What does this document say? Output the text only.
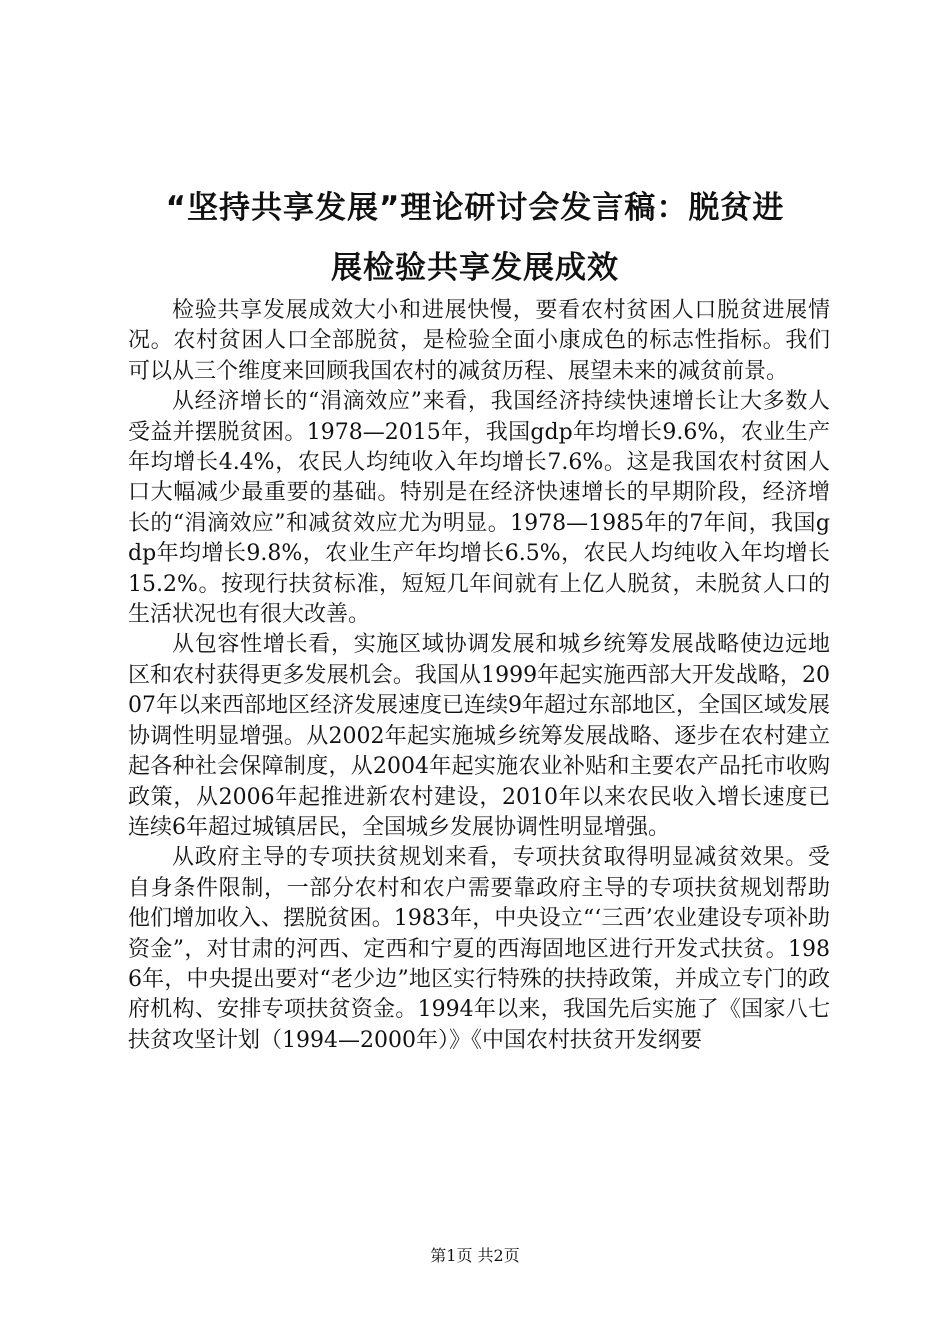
“坚持共享发展”理论研讨会发言稿：脱贫进
展检验共享发展成效

检验共享发展成效大小和进展快慢，要看农村贫困人口脱贫进展情况。农村贫困人口全部脱贫，是检验全面小康成色的标志性指标。我们可以从三个维度来回顾我国农村的减贫历程、展望未来的减贫前景。

从经济增长的“涓滴效应”来看，我国经济持续快速增长让大多数人受益并摆脱贫困。1978—2015年，我国gdp年均增长9.6%，农业生产年均增长4.4%，农民人均纯收入年均增长7.6%。这是我国农村贫困人口大幅减少最重要的基础。特别是在经济快速增长的早期阶段，经济增长的“涓滴效应”和减贫效应尤为明显。1978—1985年的7年间，我国gdp年均增长9.8%，农业生产年均增长6.5%，农民人均纯收入年均增长15.2%。按现行扶贫标准，短短几年间就有上亿人脱贫，未脱贫人口的生活状况也有很大改善。

从包容性增长看，实施区域协调发展和城乡统筹发展战略使边远地区和农村获得更多发展机会。我国从1999年起实施西部大开发战略，2007年以来西部地区经济发展速度已连续9年超过东部地区，全国区域发展协调性明显增强。从2002年起实施城乡统筹发展战略、逐步在农村建立起各种社会保障制度，从2004年起实施农业补贴和主要农产品托市收购政策，从2006年起推进新农村建设，2010年以来农民收入增长速度已连续6年超过城镇居民，全国城乡发展协调性明显增强。

从政府主导的专项扶贫规划来看，专项扶贫取得明显减贫效果。受自身条件限制，一部分农村和农户需要靠政府主导的专项扶贫规划帮助他们增加收入、摆脱贫困。1983年，中央设立“‘三西’农业建设专项补助资金”，对甘肃的河西、定西和宁夏的西海固地区进行开发式扶贫。1986年，中央提出要对“老少边”地区实行特殊的扶持政策，并成立专门的政府机构、安排专项扶贫资金。1994年以来，我国先后实施了《国家八七扶贫攻坚计划（1994—2000年）》《中国农村扶贫开发纲要

第1页 共2页
